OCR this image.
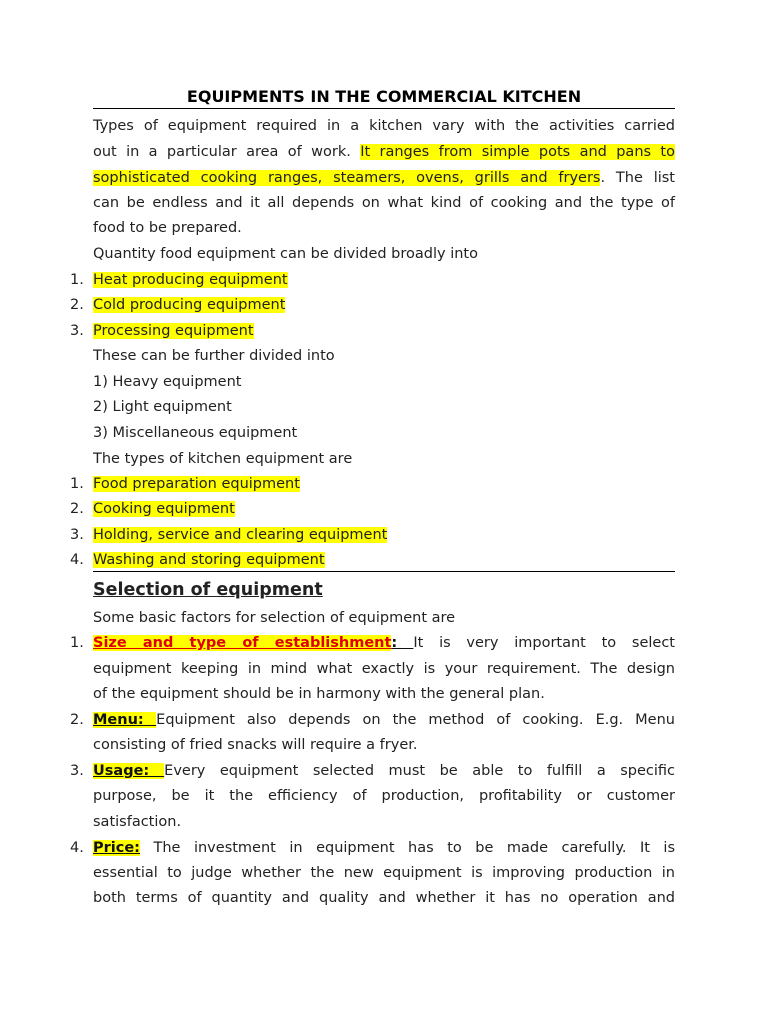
EQUIPMENTS IN THE COMMERCIAL KITCHEN
Types of equipment required in a kitchen vary with the activities carried
out in a particular area of work. It ranges from simple pots and pans to
sophisticated cooking ranges, steamers, ovens, grills and fryers. The list
can be endless and it all depends on what kind of cooking and the type of
food to be prepared.
Quantity food equipment can be divided broadly into
1. Heat producing equipment
2. Cold producing equipment
3. Processing equipment
These can be further divided into
1) Heavy equipment
2) Light equipment
3) Miscellaneous equipment
The types of kitchen equipment are
1. Food preparation equipment
2. Cooking equipment
3. Holding, service and clearing equipment
4. Washing and storing equipment
Selection of equipment
Some basic factors for selection of equipment are
1. Size and type of establishment: It is very important to select
equipment keeping in mind what exactly is your requirement. The design
of the equipment should be in harmony with the general plan.
2. Menu: Equipment also depends on the method of cooking. E.g. Menu
consisting of fried snacks will require a fryer.
3. Usage: Every equipment selected must be able to fulfill a specific
purpose, be it the efficiency of production, profitability or customer
satisfaction.
4. Price: The investment in equipment has to be made carefully. It is
essential to judge whether the new equipment is improving production in
both terms of quantity and quality and whether it has no operation and
